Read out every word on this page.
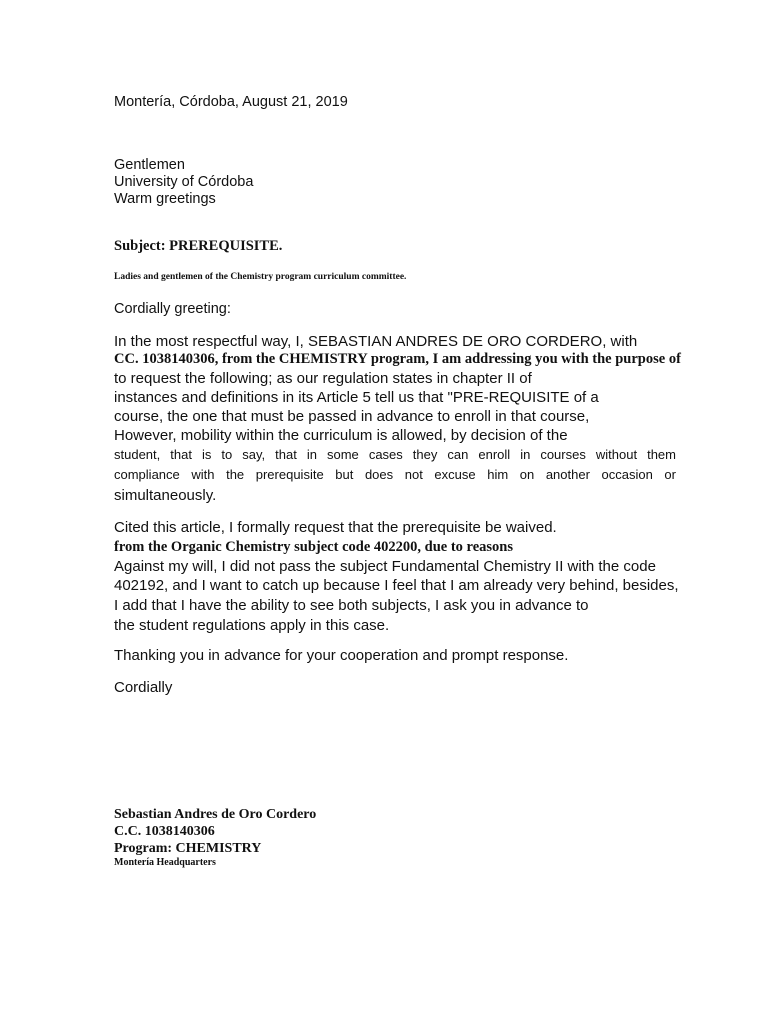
Montería, Córdoba, August 21, 2019

Gentlemen
University of Córdoba
Warm greetings

Subject: PREREQUISITE.

Ladies and gentlemen of the Chemistry program curriculum committee.

Cordially greeting:

In the most respectful way, I, SEBASTIAN ANDRES DE ORO CORDERO, with
CC. 1038140306, from the CHEMISTRY program, I am addressing you with the purpose of
to request the following; as our regulation states in chapter II of
instances and definitions in its Article 5 tell us that "PRE-REQUISITE of a
course, the one that must be passed in advance to enroll in that course,
However, mobility within the curriculum is allowed, by decision of the
student, that is to say, that in some cases they can enroll in courses without them
compliance with the prerequisite but does not excuse him on another occasion or
simultaneously.
Cited this article, I formally request that the prerequisite be waived.
from the Organic Chemistry subject code 402200, due to reasons
Against my will, I did not pass the subject Fundamental Chemistry II with the code
402192, and I want to catch up because I feel that I am already very behind, besides,
I add that I have the ability to see both subjects, I ask you in advance to
the student regulations apply in this case.

Thanking you in advance for your cooperation and prompt response.

Cordially

Sebastian Andres de Oro Cordero
C.C. 1038140306
Program: CHEMISTRY
Montería Headquarters
